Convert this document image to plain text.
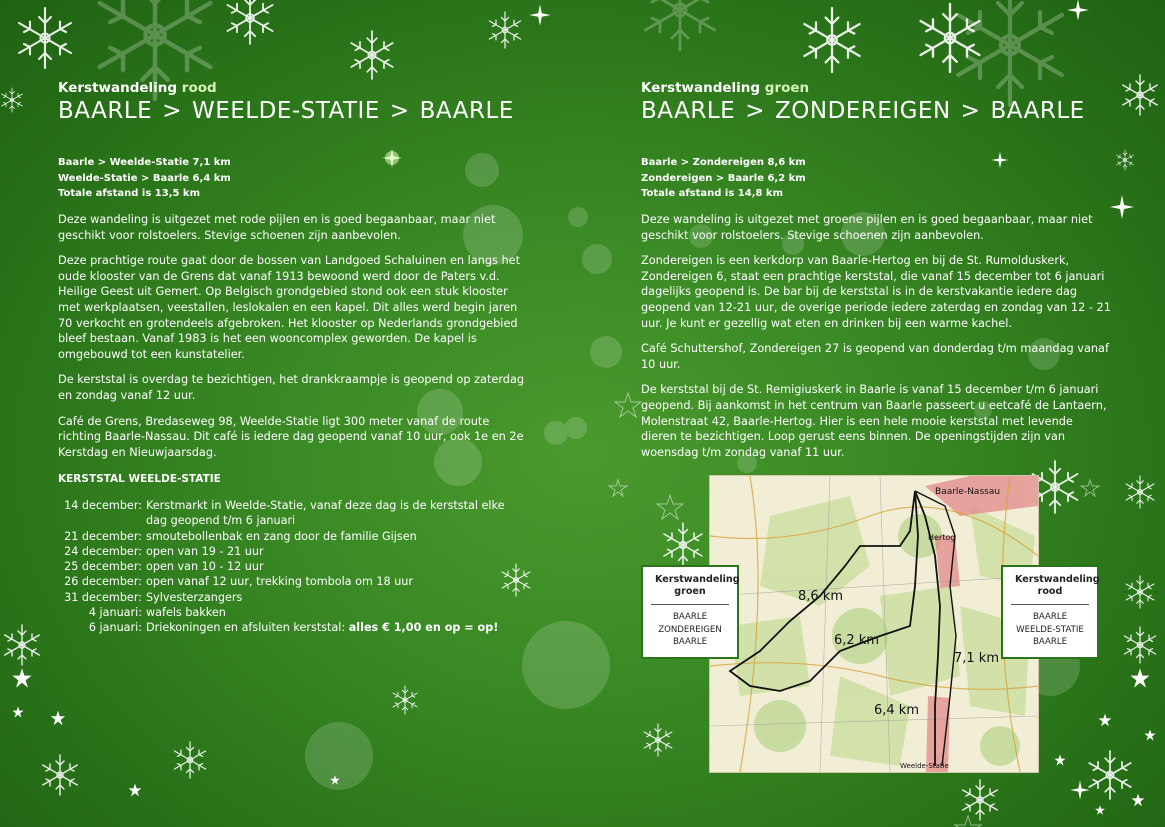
Kerstwandeling rood
BAARLE > WEELDE-STATIE > BAARLE
Baarle > Weelde-Statie 7,1 km
Weelde-Statie > Baarle 6,4 km
Totale afstand is 13,5 km

Deze wandeling is uitgezet met rode pijlen en is goed begaanbaar, maar niet geschikt voor rolstoelers. Stevige schoenen zijn aanbevolen.

Deze prachtige route gaat door de bossen van Landgoed Schaluinen en langs het oude klooster van de Grens dat vanaf 1913 bewoond werd door de Paters v.d. Heilige Geest uit Gemert. Op Belgisch grondgebied stond ook een stuk klooster met werkplaatsen, veestallen, leslokalen en een kapel. Dit alles werd begin jaren 70 verkocht en grotendeels afgebroken. Het klooster op Nederlands grondgebied bleef bestaan. Vanaf 1983 is het een wooncomplex geworden. De kapel is omgebouwd tot een kunstatelier.

De kerststal is overdag te bezichtigen, het drankkraampje is geopend op zaterdag en zondag vanaf 12 uur.

Café de Grens, Bredaseweg 98, Weelde-Statie ligt 300 meter vanaf de route richting Baarle-Nassau. Dit café is iedere dag geopend vanaf 10 uur, ook 1e en 2e Kerstdag en Nieuwjaarsdag.

KERSTSTAL WEELDE-STATIE
14 december: Kerstmarkt in Weelde-Statie, vanaf deze dag is de kerststal elke dag geopend t/m 6 januari
21 december: smoutebollenbak en zang door de familie Gijsen
24 december: open van 19 - 21 uur
25 december: open van 10 - 12 uur
26 december: open vanaf 12 uur, trekking tombola om 18 uur
31 december: Sylvesterzangers
4 januari: wafels bakken
6 januari: Driekoningen en afsluiten kerststal: alles € 1,00 en op = op!
Kerstwandeling groen
BAARLE > ZONDEREIGEN > BAARLE
Baarle > Zondereigen 8,6 km
Zondereigen > Baarle 6,2 km
Totale afstand is 14,8 km

Deze wandeling is uitgezet met groene pijlen en is goed begaanbaar, maar niet geschikt voor rolstoelers. Stevige schoenen zijn aanbevolen.

Zondereigen is een kerkdorp van Baarle-Hertog en bij de St. Rumolduskerk, Zondereigen 6, staat een prachtige kerststal, die vanaf 15 december tot 6 januari dagelijks geopend is. De bar bij de kerststal is in de kerstvakantie iedere dag geopend van 12-21 uur, de overige periode iedere zaterdag en zondag van 12 - 21 uur. Je kunt er gezellig wat eten en drinken bij een warme kachel.

Café Schuttershof, Zondereigen 27 is geopend van donderdag t/m maandag vanaf 10 uur.

De kerststal bij de St. Remigiuskerk in Baarle is vanaf 15 december t/m 6 januari geopend. Bij aankomst in het centrum van Baarle passeert u eetcafé de Lantaern, Molenstraat 42, Baarle-Hertog. Hier is een hele mooie kerststal met levende dieren te bezichtigen. Loop gerust eens binnen. De openingstijden zijn van woensdag t/m zondag vanaf 11 uur.

8,6 km
6,2 km
7,1 km
6,4 km
Baarle-Nassau
Hertog
Weelde-Statie
Kerstwandeling groen
BAARLE
ZONDEREIGEN
BAARLE
Kerstwandeling rood
BAARLE
WEELDE-STATIE
BAARLE
